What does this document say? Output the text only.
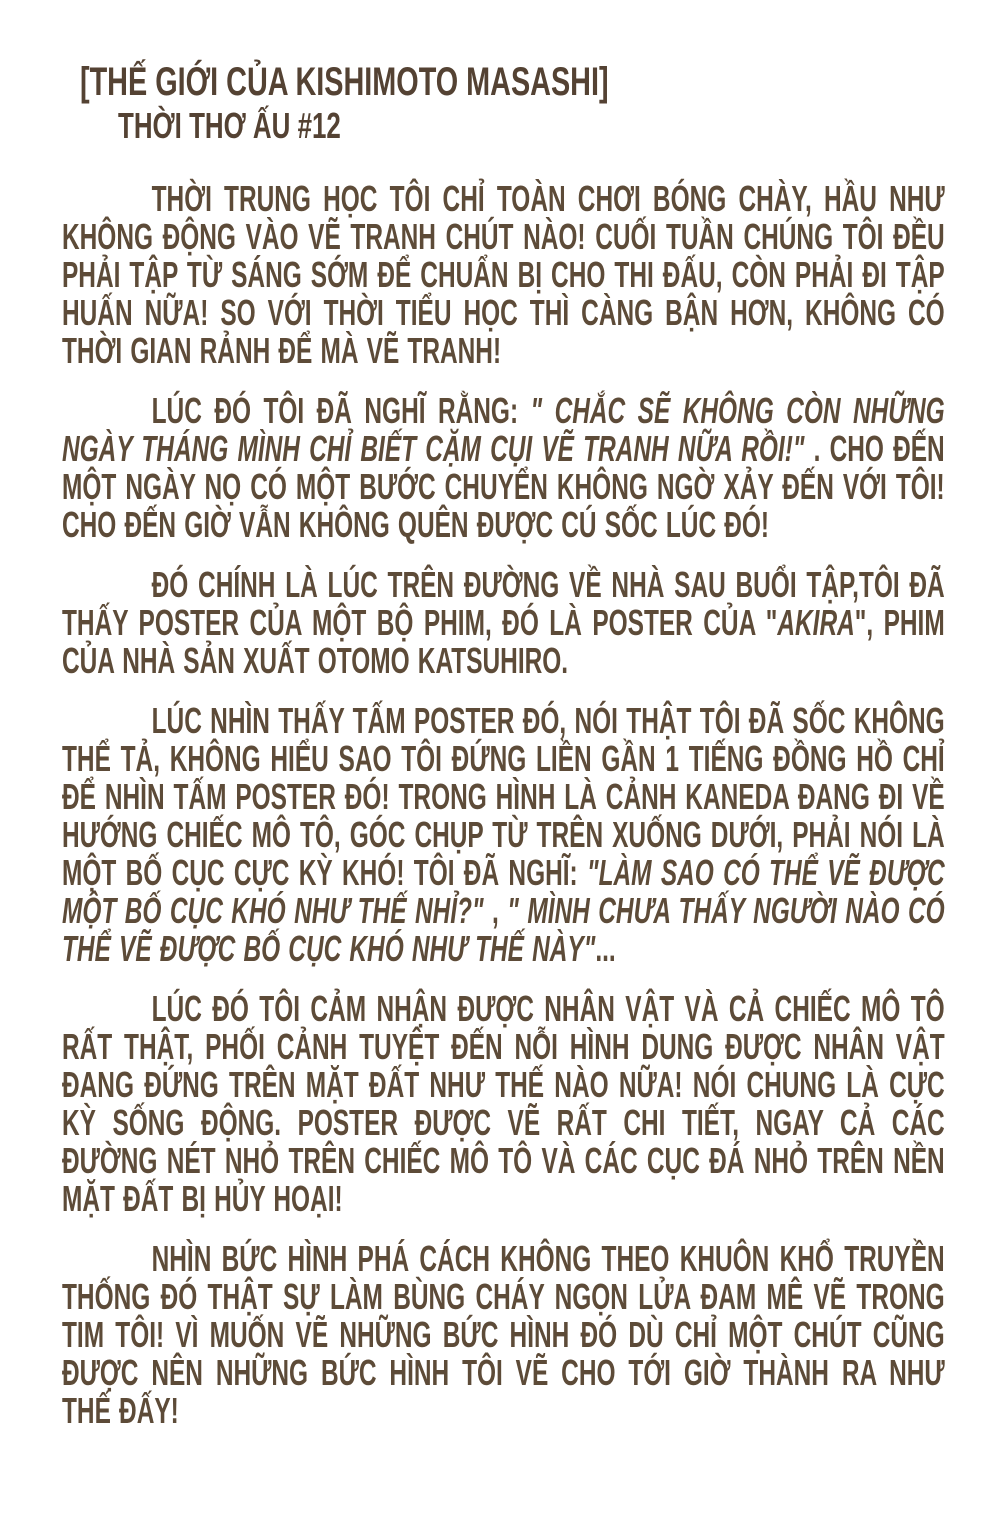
[THẾ GIỚI CỦA KISHIMOTO MASASHI]
THỜI THƠ ẤU #12

THỜI TRUNG HỌC TÔI CHỈ TOÀN CHƠI BÓNG CHÀY, HẦU NHƯ KHÔNG ĐỘNG VÀO VẼ TRANH CHÚT NÀO! CUỐI TUẦN CHÚNG TÔI ĐỀU PHẢI TẬP TỪ SÁNG SỚM ĐỂ CHUẨN BỊ CHO THI ĐẤU, CÒN PHẢI ĐI TẬP HUẤN NỮA! SO VỚI THỜI TIỂU HỌC THÌ CÀNG BẬN HƠN, KHÔNG CÓ THỜI GIAN RẢNH ĐỂ MÀ VẼ TRANH!

LÚC ĐÓ TÔI ĐÃ NGHĨ RẰNG: " CHẮC SẼ KHÔNG CÒN NHỮNG NGÀY THÁNG MÌNH CHỈ BIẾT CẶM CỤI VẼ TRANH NỮA RỒI!" . CHO ĐẾN MỘT NGÀY NỌ CÓ MỘT BƯỚC CHUYỂN KHÔNG NGỜ XẢY ĐẾN VỚI TÔI! CHO ĐẾN GIỜ VẪN KHÔNG QUÊN ĐƯỢC CÚ SỐC LÚC ĐÓ!

ĐÓ CHÍNH LÀ LÚC TRÊN ĐƯỜNG VỀ NHÀ SAU BUỔI TẬP,TÔI ĐÃ THẤY POSTER CỦA MỘT BỘ PHIM, ĐÓ LÀ POSTER CỦA "AKIRA", PHIM CỦA NHÀ SẢN XUẤT OTOMO KATSUHIRO.

LÚC NHÌN THẤY TẤM POSTER ĐÓ, NÓI THẬT TÔI ĐÃ SỐC KHÔNG THỂ TẢ, KHÔNG HIỂU SAO TÔI ĐỨNG LIỀN GẦN 1 TIẾNG ĐỒNG HỒ CHỈ ĐỂ NHÌN TẤM POSTER ĐÓ! TRONG HÌNH LÀ CẢNH KANEDA ĐANG ĐI VỀ HƯỚNG CHIẾC MÔ TÔ, GÓC CHỤP TỪ TRÊN XUỐNG DƯỚI, PHẢI NÓI LÀ MỘT BỐ CỤC CỰC KỲ KHÓ! TÔI ĐÃ NGHĨ: "LÀM SAO CÓ THỂ VẼ ĐƯỢC MỘT BỐ CỤC KHÓ NHƯ THẾ NHỈ?" , " MÌNH CHƯA THẤY NGƯỜI NÀO CÓ THỂ VẼ ĐƯỢC BỐ CỤC KHÓ NHƯ THẾ NÀY"...

LÚC ĐÓ TÔI CẢM NHẬN ĐƯỢC NHÂN VẬT VÀ CẢ CHIẾC MÔ TÔ RẤT THẬT, PHỐI CẢNH TUYỆT ĐẾN NỖI HÌNH DUNG ĐƯỢC NHÂN VẬT ĐANG ĐỨNG TRÊN MẶT ĐẤT NHƯ THẾ NÀO NỮA! NÓI CHUNG LÀ CỰC KỲ SỐNG ĐỘNG. POSTER ĐƯỢC VẼ RẤT CHI TIẾT, NGAY CẢ CÁC ĐƯỜNG NÉT NHỎ TRÊN CHIẾC MÔ TÔ VÀ CÁC CỤC ĐÁ NHỎ TRÊN NỀN MẶT ĐẤT BỊ HỦY HOẠI!

NHÌN BỨC HÌNH PHÁ CÁCH KHÔNG THEO KHUÔN KHỔ TRUYỀN THỐNG ĐÓ THẬT SỰ LÀM BÙNG CHÁY NGỌN LỬA ĐAM MÊ VẼ TRONG TIM TÔI! VÌ MUỐN VẼ NHỮNG BỨC HÌNH ĐÓ DÙ CHỈ MỘT CHÚT CŨNG ĐƯỢC NÊN NHỮNG BỨC HÌNH TÔI VẼ CHO TỚI GIỜ THÀNH RA NHƯ THẾ ĐẤY!
